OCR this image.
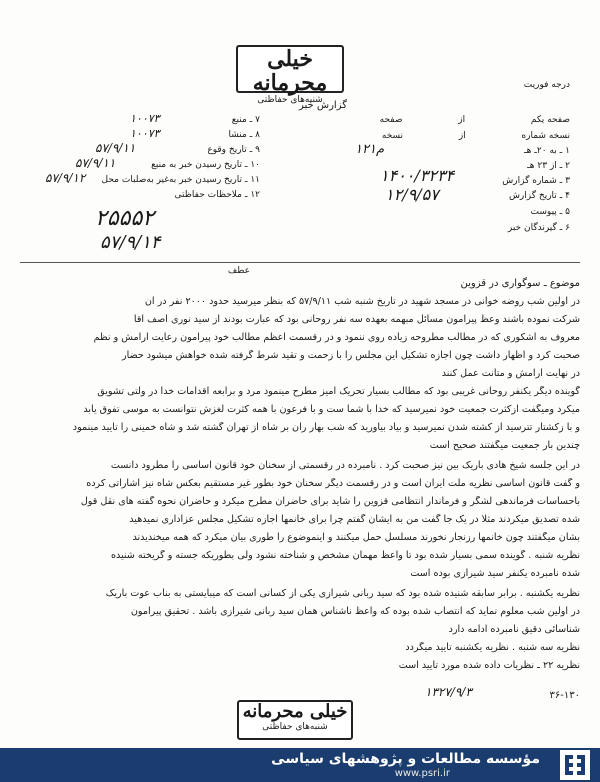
خیلی محرمانه
شنبه‌های حفاظتی
درجه فوریت
گزارش خبر
صفحه یکم  از  صفحه
نسخه شماره  از  نسخه
۱ ـ به ۲۰ـ هـ
۱۲۱م
۲ ـ از ۲۳ هـ
۳ ـ شماره گزارش
۱۴۰۰/۳۲۳۴
۴ ـ تاریخ گزارش
۱۲/۹/۵۷
۵ ـ پیوست
۶ ـ گیرندگان خبر
۷ ـ منبع
۱۰۰۷۳
۸ ـ منشا
۱۰۰۷۳
۹ ـ تاریخ وقوع
۵۷/۹/۱۱
۱۰ ـ تاریخ رسیدن خبر به منبع
۵۷/۹/۱۱
۱۱ ـ تاریخ رسیدن خبر به‌غیر به‌صلبات محل
۵۷/۹/۱۲
۱۲ ـ ملاحظات حفاظتی
۲۵۵۵۲
۵۷/۹/۱۴
عطف
موضوع ـ سوگواری در قزوین
در اولین شب روضه خوانی در مسجد شهید در تاریخ شنبه شب ۵۷/۹/۱۱ که بنظر میرسید حدود ۲۰۰۰ نفر در آن
شرکت نموده باشند وعظ پیرامون مسائل مبهمه بعهده سه نفر روحانی بود که عبارت بودند از سید نوری آصف آقا
معروف به اشکوری که در مطالب مطروحه زیاده روی ننمود و در رقسمت اعظم مطالب خود پیرامون رعایت آرامش و نظم
صحبت کرد و اظهار داشت چون اجازه تشکیل این مجلس را با زحمت و تقید شرط گرفته شده خواهش میشود حضار
در نهایت آرامش و متانت عمل کنند
گوینده دیگر یکنفر روحانی غریبی بود که مطالب بسیار تحریک آمیز مطرح مینمود مرد و برابعه اقدامات خدا در ولتی تشویق
میکرد ومیگفت ازکثرت جمعیت خود نمیرسید که خدا با شما ست و با فرعون با همه کثرت لغزش نتوانست به موسی تفوق یابد
و با زکشتار تترسید از کشته شدن نمیرسید و بیاد بیاورید که شب بهار ران بر شاه از تهران گشته شد و شاه خمینی را تایید مینمود
چندین بار جمعیت میگفتند صحیح است
در این جلسه شیخ هادی باریک بین نیز صحبت کرد . نامبرده در رقسمتی از سخنان خود قانون اساسی را مطرود دانست
و گفت قانون اساسی نظریه ملت ایران است و در رقسمت دیگر سخنان خود بطور غیر مستقیم بعکس شاه نیز اشاراتی کرده
باحساسات فرماندهی لشگر و فرماندار انتظامی قزوین را شاید برای حاضران مطرح میکرد و حاضران نحوه گفته های نقل قول
شده تصدیق میکردند مثلا در یک جا گفت من به ایشان گفتم چرا برای خانمها اجازه تشکیل مجلس عزاداری نمیدهید
بشان میگفتند چون خانمها رزنجار نخورند مسلسل حمل میکنند و اینموضوع را طوری بیان میکرد که همه میخندیدند
نظریه شنبه . گوینده سمی بسیار شده بود تا واعظ مهمان مشخص و شناخته نشود ولی بطوریکه جسته و گریخته شنیده
شده نامبرده یکنفر سید شیرازی بوده است
نظریه یکشنبه . برابر سابقه شنیده شده بود که سید ربانی شیرازی یکی از کسانی است که میبایستی به بناب عوت باریک
در اولین شب معلوم نماید که انتصاب شده بوده که واعظ ناشناس همان سید ربانی شیرازی باشد . تحقیق پیرامون
شناسائی دقیق نامبرده ادامه دارد
نظریه سه شنبه . نظریه یکشنبه تایید میگردد
نظریه ۲۲ ـ نظریات داده شده مورد تایید است
۱۳۲۷/۹/۳	۳۶-۱۳۰
خیلی محرمانه
شنبه‌های حفاظتی
مؤسسه مطالعات و پژوهشهای سیاسی
www.psri.ir
